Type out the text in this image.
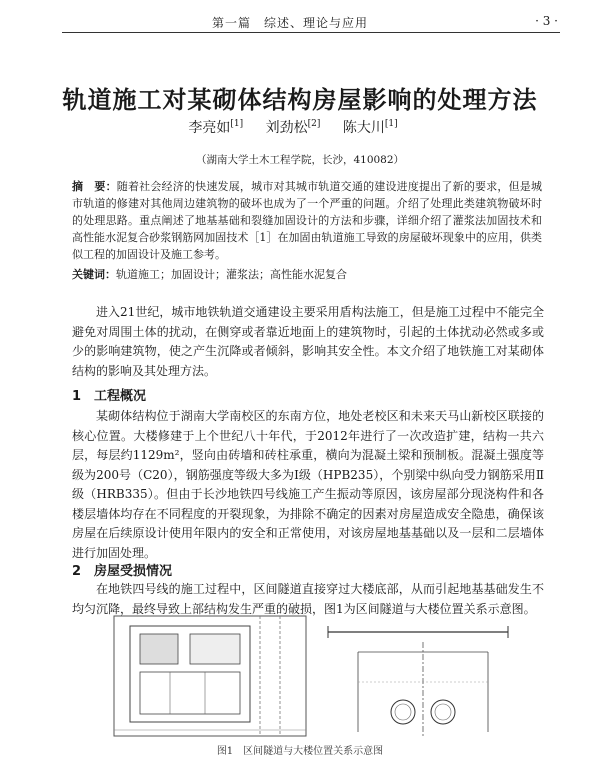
第一篇　综述、理论与应用	· 3 ·
轨道施工对某砌体结构房屋影响的处理方法
李亮如[1] 刘劲松[2] 陈大川[1]
（湖南大学土木工程学院，长沙，410082）
摘　要：随着社会经济的快速发展，城市对其城市轨道交通的建设进度提出了新的要求，但是城市轨道的修建对其他周边建筑物的破坏也成为了一个严重的问题。介绍了处理此类建筑物破坏时的处理思路。重点阐述了地基基础和裂缝加固设计的方法和步骤，详细介绍了灌浆法加固技术和高性能水泥复合砂浆钢筋网加固技术［1］在加固由轨道施工导致的房屋破坏现象中的应用，供类似工程的加固设计及施工参考。
关键词：轨道施工；加固设计；灌浆法；高性能水泥复合
进入21世纪，城市地铁轨道交通建设主要采用盾构法施工，但是施工过程中不能完全避免对周围土体的扰动，在侧穿或者靠近地面上的建筑物时，引起的土体扰动必然或多或少的影响建筑物，使之产生沉降或者倾斜，影响其安全性。本文介绍了地铁施工对某砌体结构的影响及其处理方法。
1　工程概况
某砌体结构位于湖南大学南校区的东南方位，地处老校区和未来天马山新校区联接的核心位置。大楼修建于上个世纪八十年代，于2012年进行了一次改造扩建，结构一共六层，每层约1129m²，竖向由砖墙和砖柱承重，横向为混凝土梁和预制板。混凝土强度等级为200号（C20），钢筋强度等级大多为Ⅰ级（HPB235），个别梁中纵向受力钢筋采用Ⅱ级（HRB335）。但由于长沙地铁四号线施工产生振动等原因，该房屋部分现浇构件和各楼层墙体均存在不同程度的开裂现象，为排除不确定的因素对房屋造成安全隐患，确保该房屋在后续原设计使用年限内的安全和正常使用，对该房屋地基基础以及一层和二层墙体进行加固处理。
2　房屋受损情况
在地铁四号线的施工过程中，区间隧道直接穿过大楼底部，从而引起地基基础发生不均匀沉降，最终导致上部结构发生严重的破损，图1为区间隧道与大楼位置关系示意图。
图1　区间隧道与大楼位置关系示意图
